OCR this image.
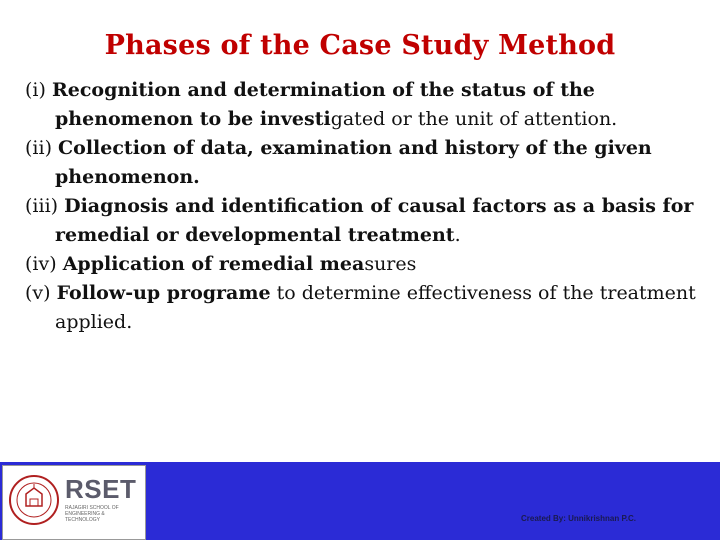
Phases of the Case Study Method

(i) Recognition and determination of the status of the phenomenon to be investigated or the unit of attention.

(ii) Collection of data, examination and history of the given phenomenon.

(iii) Diagnosis and identification of causal factors as a basis for remedial or developmental treatment.

(iv) Application of remedial measures

(v) Follow-up programe to determine effectiveness of the treatment applied.

RSET
RAJAGIRI SCHOOL OF ENGINEERING & TECHNOLOGY	Created By: Unnikrishnan P.C.
